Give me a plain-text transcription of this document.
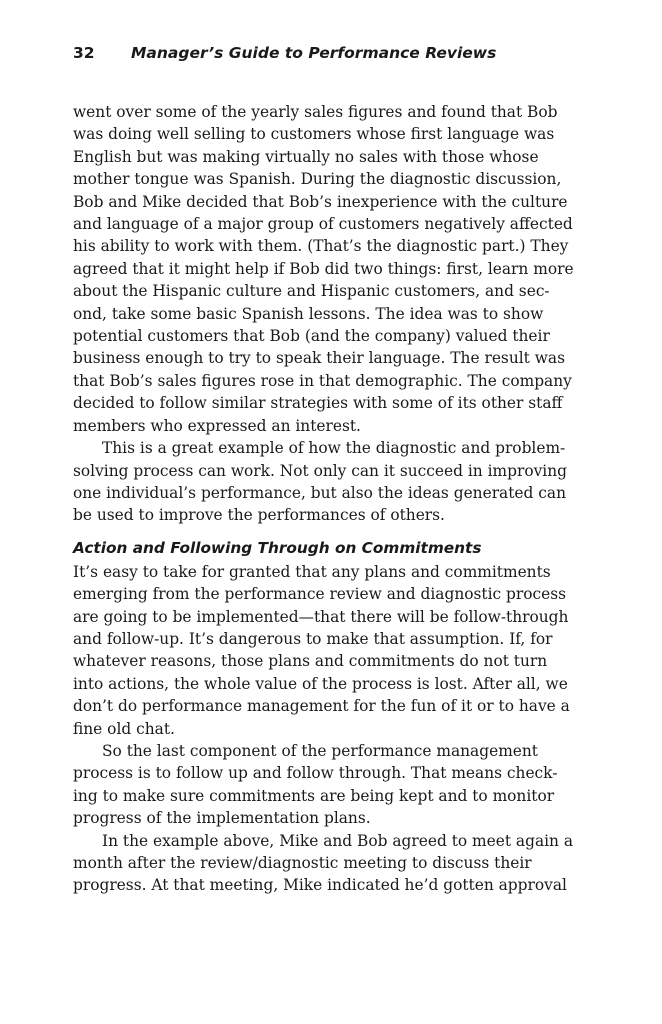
32 Manager’s Guide to Performance Reviews
went over some of the yearly sales figures and found that Bob
was doing well selling to customers whose first language was
English but was making virtually no sales with those whose
mother tongue was Spanish. During the diagnostic discussion,
Bob and Mike decided that Bob’s inexperience with the culture
and language of a major group of customers negatively affected
his ability to work with them. (That’s the diagnostic part.) They
agreed that it might help if Bob did two things: first, learn more
about the Hispanic culture and Hispanic customers, and sec-
ond, take some basic Spanish lessons. The idea was to show
potential customers that Bob (and the company) valued their
business enough to try to speak their language. The result was
that Bob’s sales figures rose in that demographic. The company
decided to follow similar strategies with some of its other staff
members who expressed an interest.
This is a great example of how the diagnostic and problem-
solving process can work. Not only can it succeed in improving
one individual’s performance, but also the ideas generated can
be used to improve the performances of others.
Action and Following Through on Commitments
It’s easy to take for granted that any plans and commitments
emerging from the performance review and diagnostic process
are going to be implemented—that there will be follow-through
and follow-up. It’s dangerous to make that assumption. If, for
whatever reasons, those plans and commitments do not turn
into actions, the whole value of the process is lost. After all, we
don’t do performance management for the fun of it or to have a
fine old chat.
So the last component of the performance management
process is to follow up and follow through. That means check-
ing to make sure commitments are being kept and to monitor
progress of the implementation plans.
In the example above, Mike and Bob agreed to meet again a
month after the review/diagnostic meeting to discuss their
progress. At that meeting, Mike indicated he’d gotten approval
